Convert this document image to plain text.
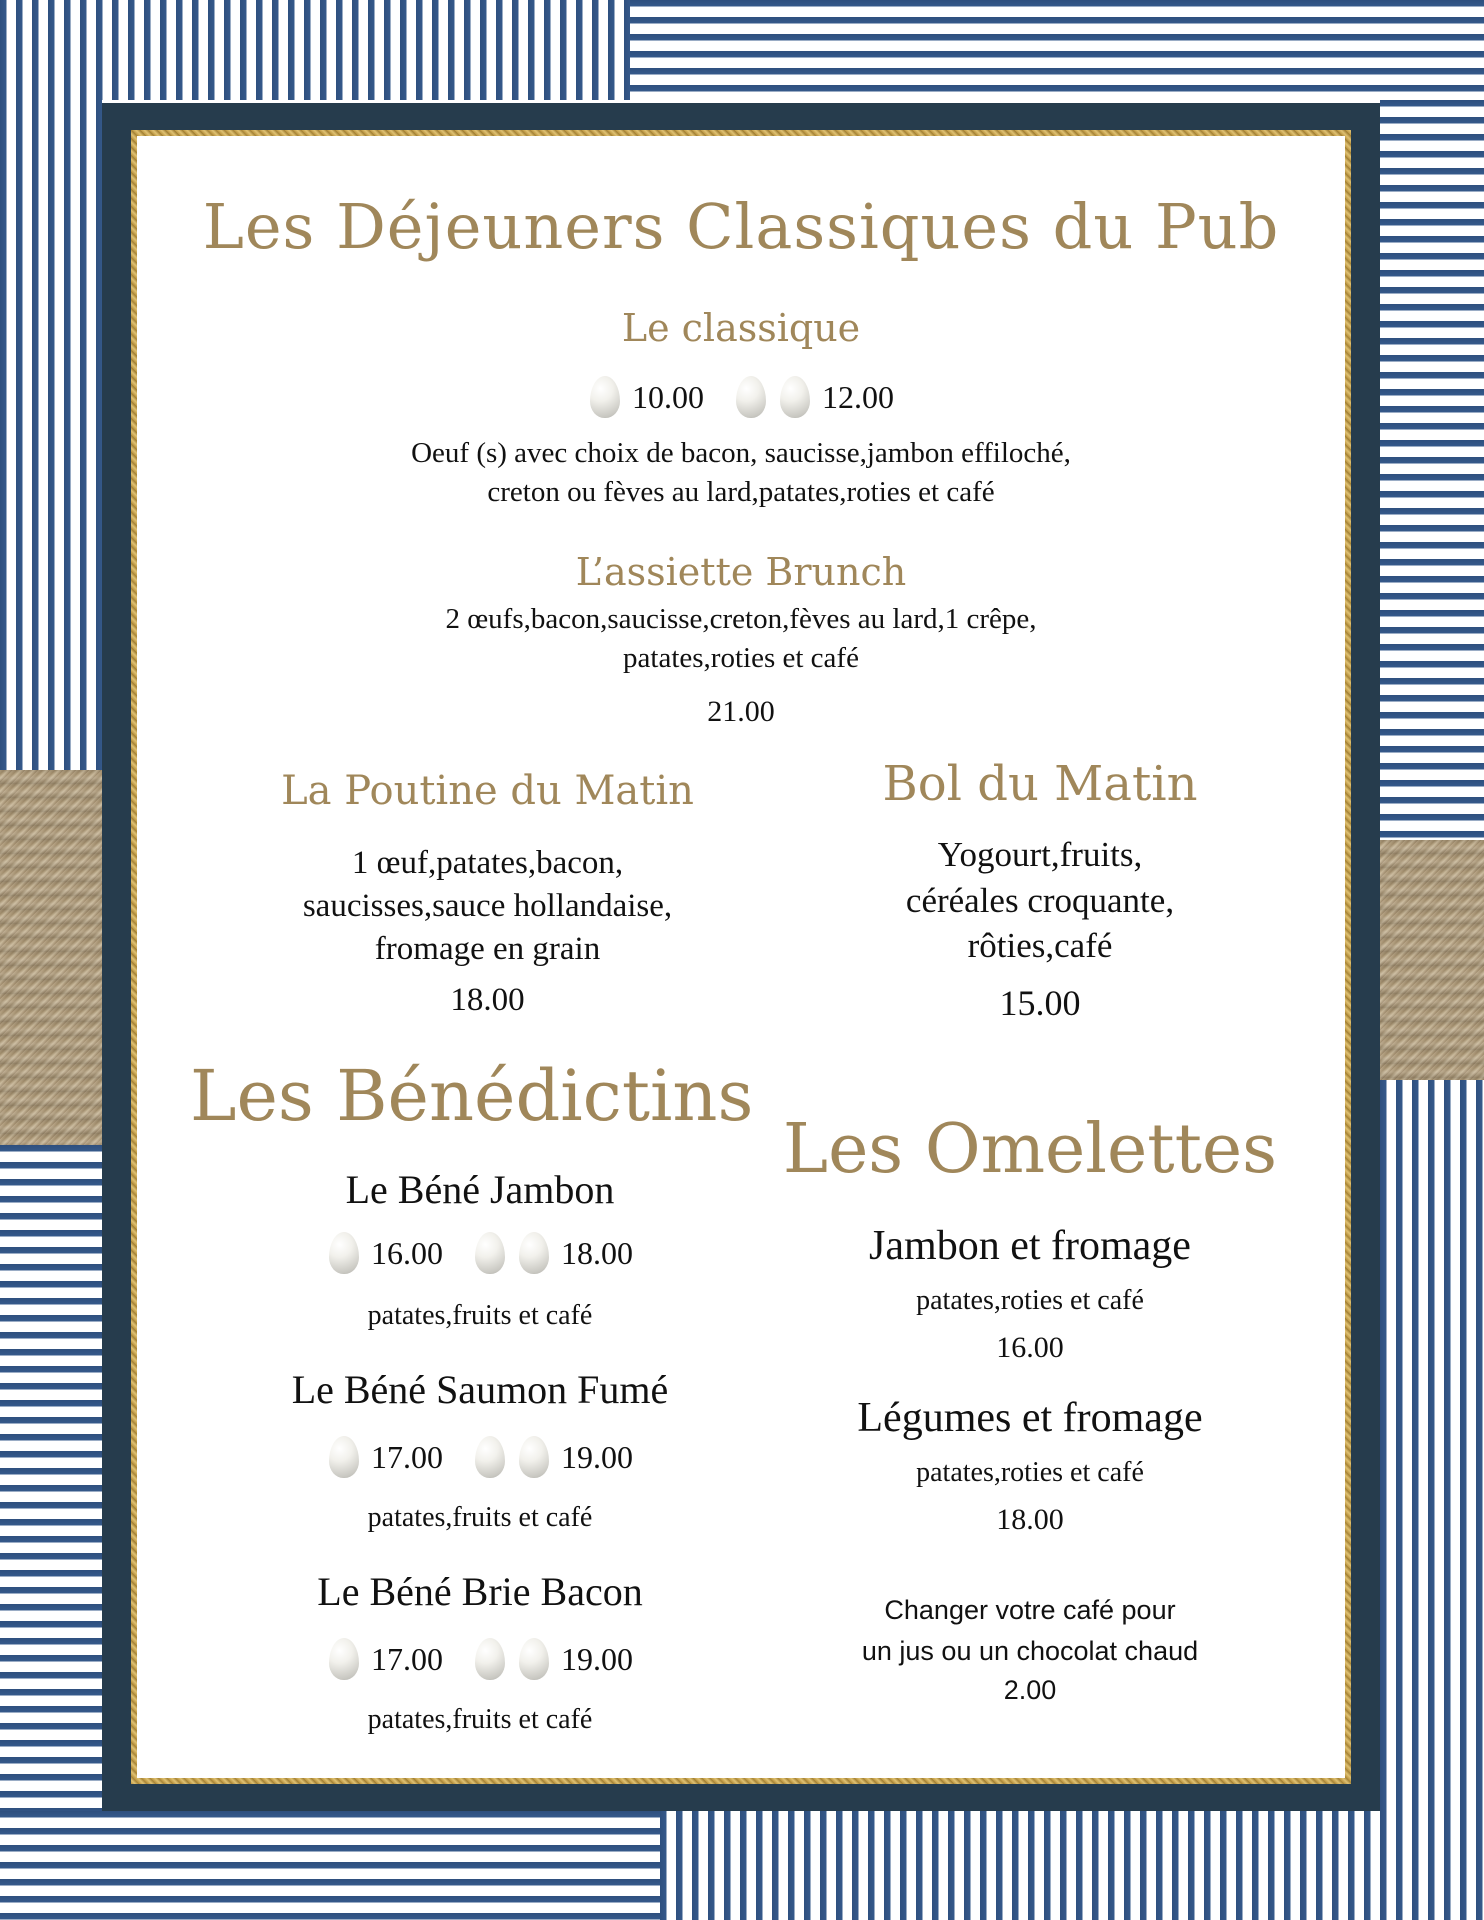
Les Déjeuners Classiques du Pub
Le classique
10.00	12.00
Oeuf (s) avec choix de bacon, saucisse,jambon effiloché,
creton ou fèves au lard,patates,roties et café
L’assiette Brunch
2 œufs,bacon,saucisse,creton,fèves au lard,1 crêpe,
patates,roties et café
21.00
La Poutine du Matin
1 œuf,patates,bacon,
saucisses,sauce hollandaise,
fromage en grain
18.00
Bol du Matin
Yogourt,fruits,
céréales croquante,
rôties,café
15.00
Les Bénédictins
Le Béné Jambon
16.00	18.00
patates,fruits et café
Le Béné Saumon Fumé
17.00	19.00
patates,fruits et café
Le Béné Brie Bacon
17.00	19.00
patates,fruits et café
Les Omelettes
Jambon et fromage
patates,roties et café
16.00
Légumes et fromage
patates,roties et café
18.00
Changer votre café pour
un jus ou un chocolat chaud
2.00
